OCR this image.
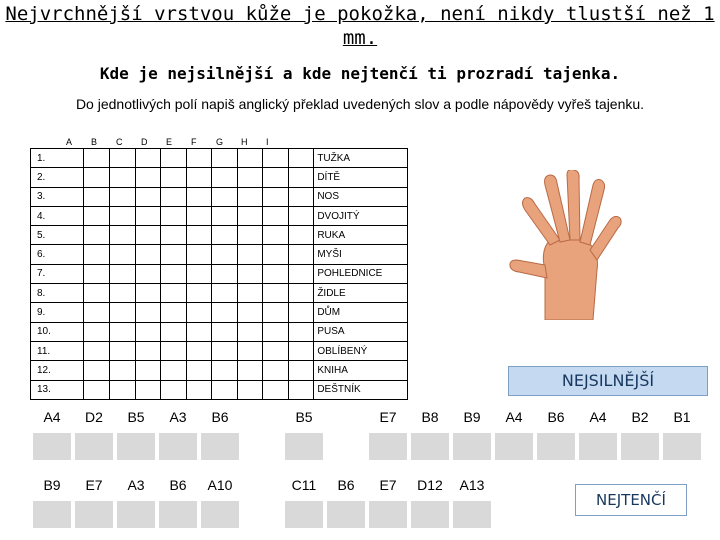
Nejvrchnější vrstvou kůže je pokožka, není nikdy tlustší než 1 mm.
Kde je nejsilnější a kde nejtenčí ti prozradí tajenka.
Do jednotlivých polí napiš anglický překlad uvedených slov a podle nápovědy vyřeš tajenku.
A B C D E F G H I
1.										TUŽKA
2.										DÍTĚ
3.										NOS
4.										DVOJITÝ
5.										RUKA
6.										MYŠI
7.										POHLEDNICE
8.										ŽIDLE
9.										DŮM
10.										PUSA
11.										OBLÍBENÝ
12.										KNIHA
13.										DEŠTNÍK
A4	D2	B5	A3	B6		B5		E7	B8	B9	A4	B6	A4	B2	B1

B9	E7	A3	B6	A10		C11	B6	E7	D12	A13

NEJSILNĚJŠÍ
NEJTENČÍ
